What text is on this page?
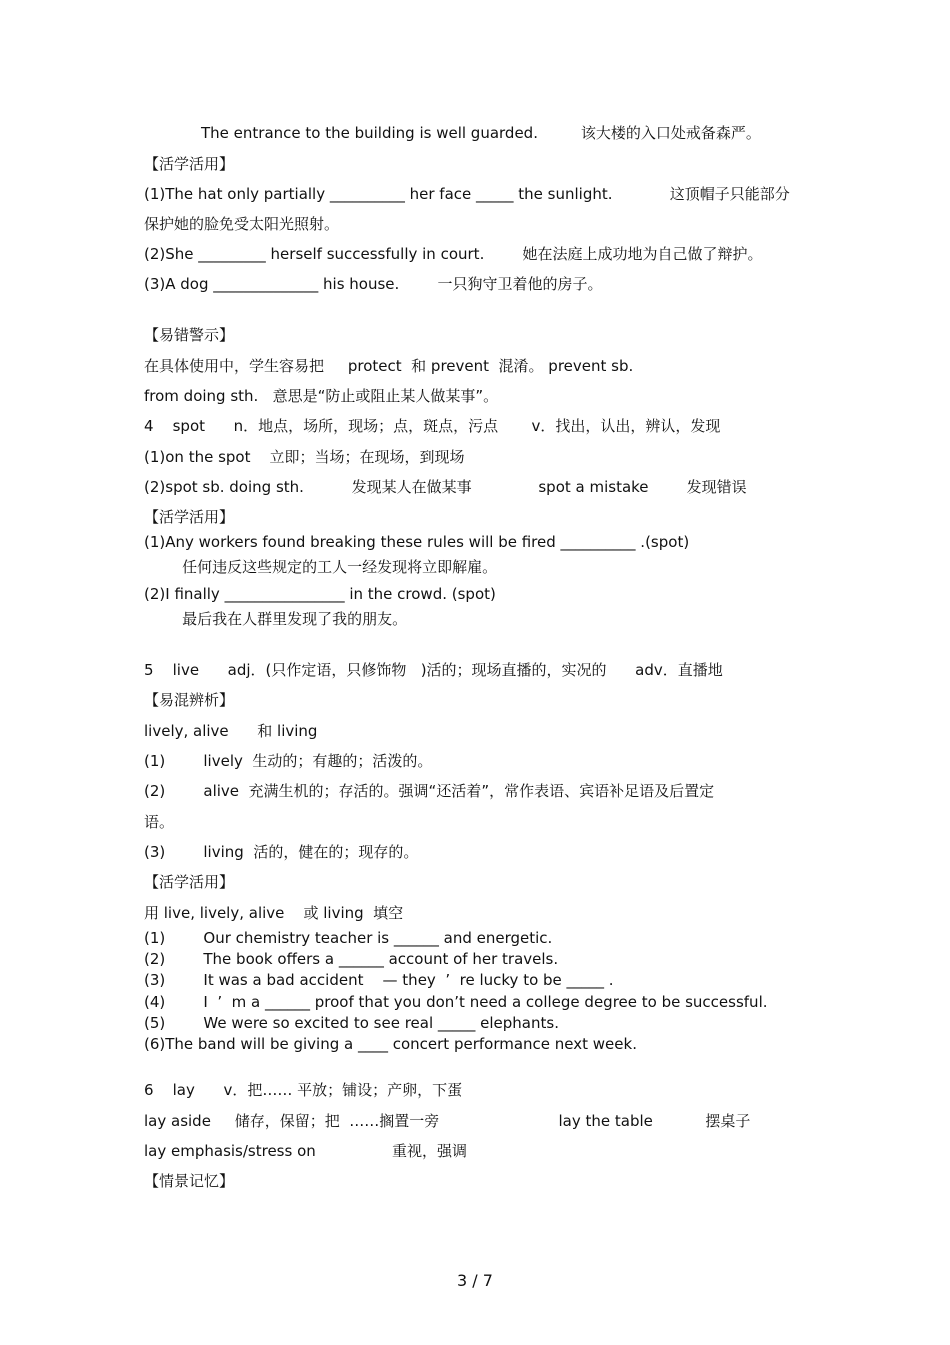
The entrance to the building is well guarded.         该大楼的入口处戒备森严。
【活学活用】
(1)The hat only partially __________ her face _____ the sunlight.            这顶帽子只能部分
保护她的脸免受太阳光照射。
(2)She _________ herself successfully in court.        她在法庭上成功地为自己做了辩护。
(3)A dog ______________ his house.        一只狗守卫着他的房子。
【易错警示】
在具体使用中，学生容易把     protect  和 prevent  混淆。 prevent sb.
from doing sth.   意思是“防止或阻止某人做某事”。
4    spot      n．地点，场所，现场；点，斑点，污点       v．找出，认出，辨认，发现
(1)on the spot    立即；当场；在现场，到现场
(2)spot sb. doing sth.          发现某人在做某事              spot a mistake        发现错误
【活学活用】
(1)Any workers found breaking these rules will be fired __________ .(spot)
任何违反这些规定的工人一经发现将立即解雇。
(2)I finally ________________ in the crowd. (spot)
最后我在人群里发现了我的朋友。
5    live      adj．(只作定语，只修饰物   )活的；现场直播的，实况的      adv．直播地
【易混辨析】
lively, alive      和 living
(1)        lively  生动的；有趣的；活泼的。
(2)        alive  充满生机的；存活的。强调“还活着”，常作表语、宾语补足语及后置定
语。
(3)        living  活的，健在的；现存的。
【活学活用】
用 live, lively, alive    或 living  填空
(1)        Our chemistry teacher is ______ and energetic.
(2)        The book offers a ______ account of her travels.
(3)        It was a bad accident    — they  ’  re lucky to be _____ .
(4)        I  ’  m a ______ proof that you don’t need a college degree to be successful.
(5)        We were so excited to see real _____ elephants.
(6)The band will be giving a ____ concert performance next week.
6    lay      v．把…… 平放；铺设；产卵，下蛋
lay aside     储存，保留；把  ……搁置一旁                         lay the table           摆桌子
lay emphasis/stress on                重视，强调
【情景记忆】
3 / 7
